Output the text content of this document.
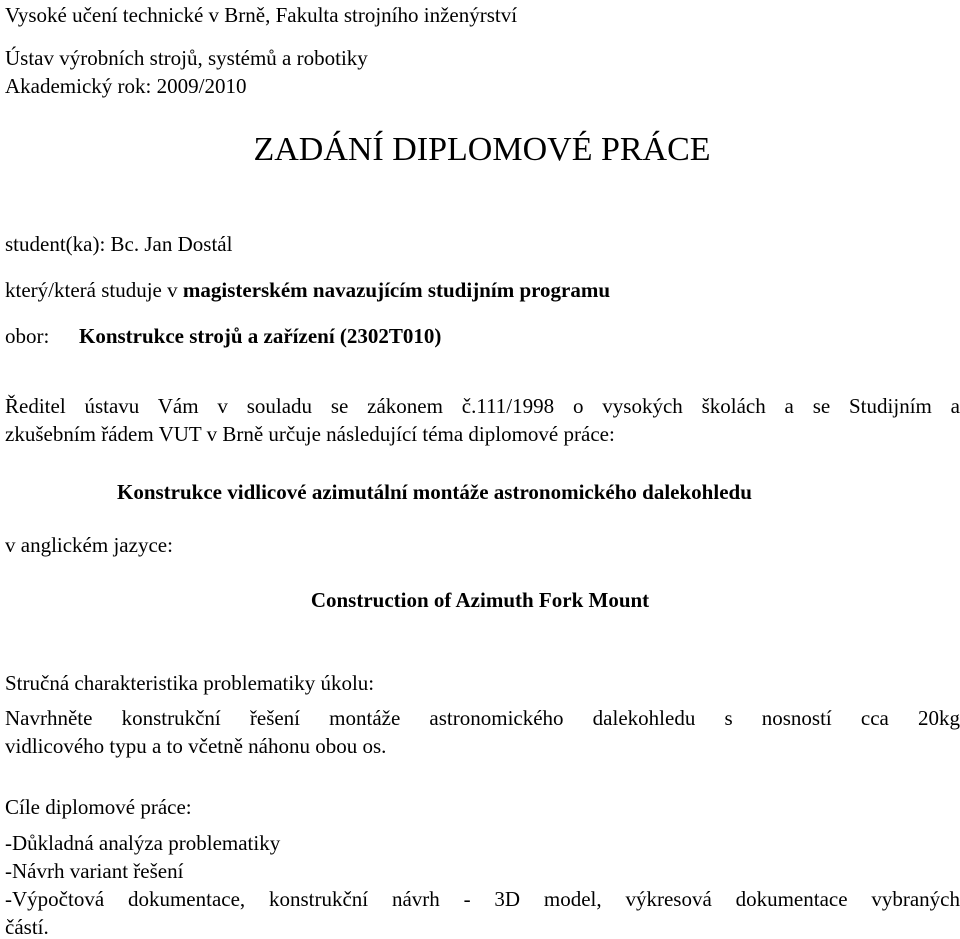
Vysoké učení technické v Brně, Fakulta strojního inženýrství
Ústav výrobních strojů, systémů a robotiky
Akademický rok: 2009/2010
ZADÁNÍ DIPLOMOVÉ PRÁCE
student(ka): Bc. Jan Dostál
který/která studuje v magisterském navazujícím studijním programu
obor: Konstrukce strojů a zařízení (2302T010)
Ředitel ústavu Vám v souladu se zákonem č.111/1998 o vysokých školách a se Studijním a
zkušebním řádem VUT v Brně určuje následující téma diplomové práce:
Konstrukce vidlicové azimutální montáže astronomického dalekohledu
v anglickém jazyce:
Construction of Azimuth Fork Mount
Stručná charakteristika problematiky úkolu:
Navrhněte konstrukční řešení montáže astronomického dalekohledu s nosností cca 20kg
vidlicového typu a to včetně náhonu obou os.
Cíle diplomové práce:
-Důkladná analýza problematiky
-Návrh variant řešení
-Výpočtová dokumentace, konstrukční návrh - 3D model, výkresová dokumentace vybraných
částí.
